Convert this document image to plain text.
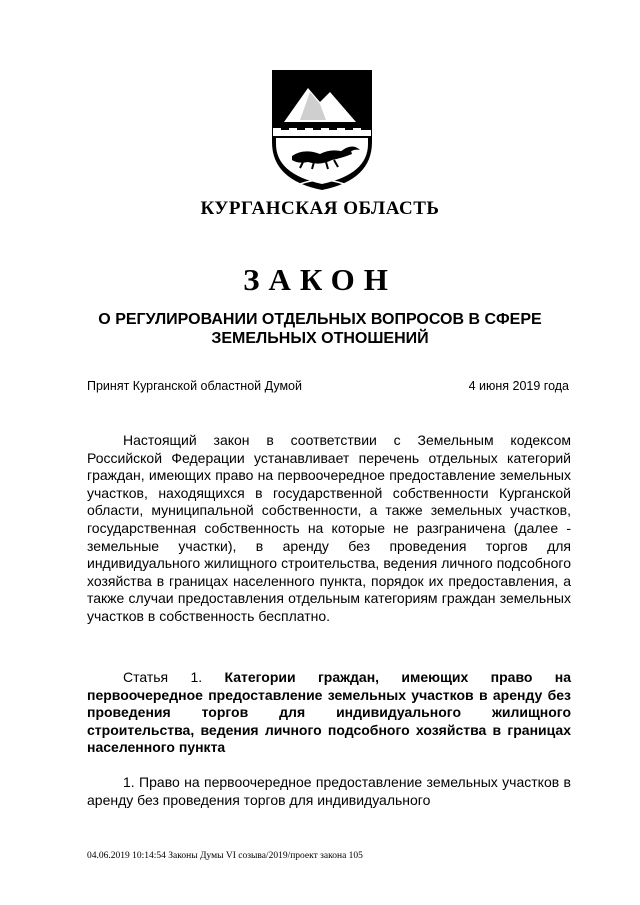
КУРГАНСКАЯ ОБЛАСТЬ
ЗАКОН
О РЕГУЛИРОВАНИИ ОТДЕЛЬНЫХ ВОПРОСОВ В СФЕРЕ
ЗЕМЕЛЬНЫХ ОТНОШЕНИЙ
Принят Курганской областной Думой	4 июня 2019 года

Настоящий закон в соответствии с Земельным кодексом Российской Федерации устанавливает перечень отдельных категорий граждан, имеющих право на первоочередное предоставление земельных участков, находящихся в государственной собственности Курганской области, муниципальной собственности, а также земельных участков, государственная собственность на которые не разграничена (далее - земельные участки), в аренду без проведения торгов для индивидуального жилищного строительства, ведения личного подсобного хозяйства в границах населенного пункта, порядок их предоставления, а также случаи предоставления отдельным категориям граждан земельных участков в собственность бесплатно.

Статья 1. Категории граждан, имеющих право на первоочередное предоставление земельных участков в аренду без проведения торгов для индивидуального жилищного строительства, ведения личного подсобного хозяйства в границах населенного пункта

1. Право на первоочередное предоставление земельных участков в аренду без проведения торгов для индивидуального

04.06.2019 10:14:54 Законы Думы VI созыва/2019/проект закона 105
